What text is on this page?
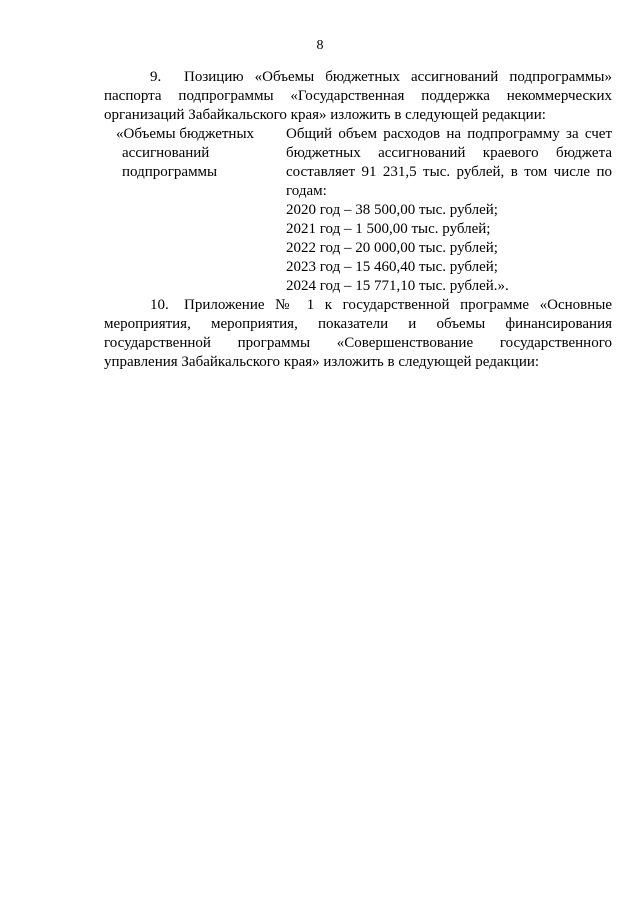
8

9. Позицию «Объемы бюджетных ассигнований подпрограммы» паспорта подпрограммы «Государственная поддержка некоммерческих организаций Забайкальского края» изложить в следующей редакции:

«Объемы бюджетных
ассигнований
подпрограммы
Общий объем расходов на подпрограмму за счет бюджетных ассигнований краевого бюджета составляет 91 231,5 тыс. рублей, в том числе по годам:
2020 год – 38 500,00 тыс. рублей;
2021 год – 1 500,00 тыс. рублей;
2022 год – 20 000,00 тыс. рублей;
2023 год – 15 460,40 тыс. рублей;
2024 год – 15 771,10 тыс. рублей.».

10. Приложение № 1 к государственной программе «Основные мероприятия, мероприятия, показатели и объемы финансирования государственной программы «Совершенствование государственного управления Забайкальского края» изложить в следующей редакции:
